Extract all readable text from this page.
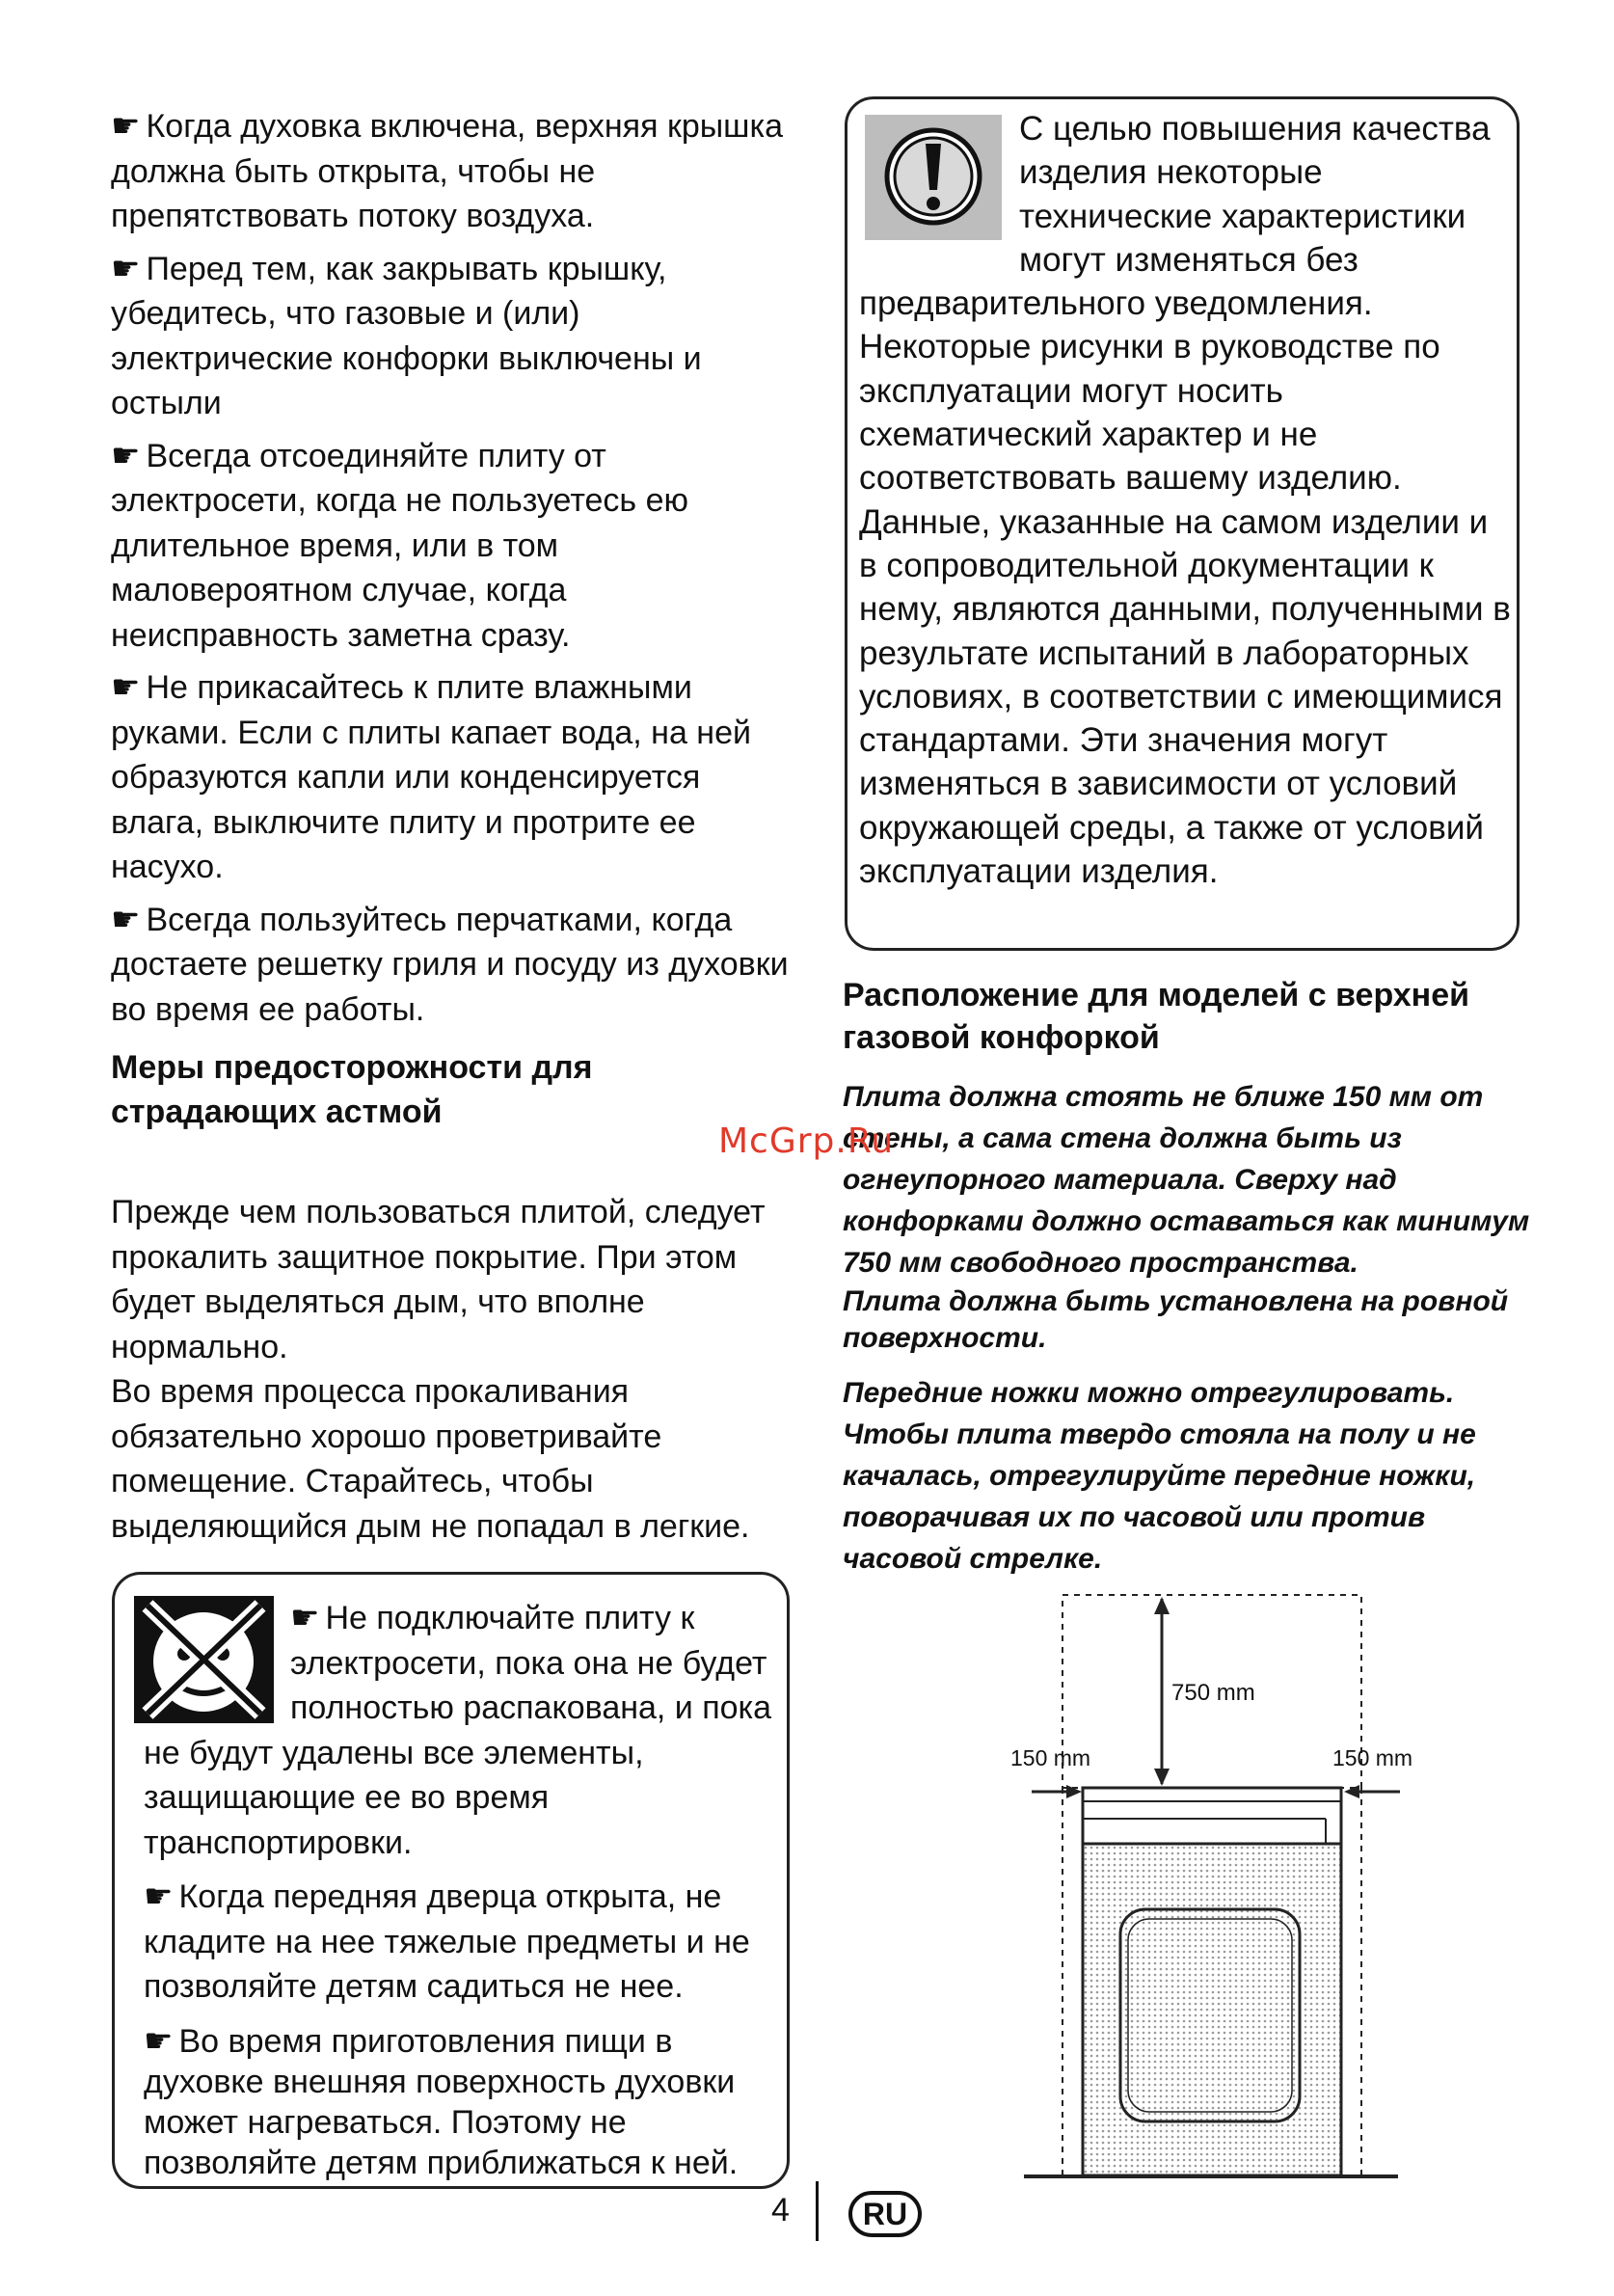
☛ Когда духовка включена, верхняя крышка должна быть открыта, чтобы не препятствовать потоку воздуха.

☛ Перед тем, как закрывать крышку, убедитесь, что газовые и (или) электрические конфорки выключены и остыли

☛ Всегда отсоединяйте плиту от электросети, когда не пользуетесь ею длительное время, или в том маловероятном случае, когда неисправность заметна сразу.

☛ Не прикасайтесь к плите влажными руками. Если с плиты капает вода, на ней образуются капли или конденсируется влага, выключите плиту и протрите ее насухо.

☛ Всегда пользуйтесь перчатками, когда достаете решетку гриля и посуду из духовки во время ее работы.

Меры предосторожности для страдающих астмой

Прежде чем пользоваться плитой, следует прокалить защитное покрытие. При этом будет выделяться дым, что вполне нормально.

Во время процесса прокаливания обязательно хорошо проветривайте помещение. Старайтесь, чтобы выделяющийся дым не попадал в легкие.

☛ Не подключайте плиту к электросети, пока она не будет полностью распакована, и пока не будут удалены все элементы, защищающие ее во время транспортировки.

☛ Когда передняя дверца открыта, не кладите на нее тяжелые предметы и не позволяйте детям садиться не нее.

☛ Во время приготовления пищи в духовке внешняя поверхность духовки может нагреваться. Поэтому не позволяйте детям приближаться к ней.

С целью повышения качества изделия некоторые технические характеристики могут изменяться без предварительного уведомления. Некоторые рисунки в руководстве по эксплуатации могут носить схематический характер и не соответствовать вашему изделию. Данные, указанные на самом изделии и в сопроводительной документации к нему, являются данными, полученными в результате испытаний в лабораторных условиях, в соответствии с имеющимися стандартами. Эти значения могут изменяться в зависимости от условий окружающей среды, а также от условий эксплуатации изделия.

Расположение для моделей с верхней газовой конфоркой

Плита должна стоять не ближе 150 мм от стены, а сама стена должна быть из огнеупорного материала. Сверху над конфорками должно оставаться как минимум 750 мм свободного пространства.

Плита должна быть установлена на ровной поверхности.

Передние ножки можно отрегулировать. Чтобы плита твердо стояла на полу и не качалась, отрегулируйте передние ножки, поворачивая их по часовой или против часовой стрелке.

750 mm
150 mm	150 mm
McGrp.Ru
4	RU
